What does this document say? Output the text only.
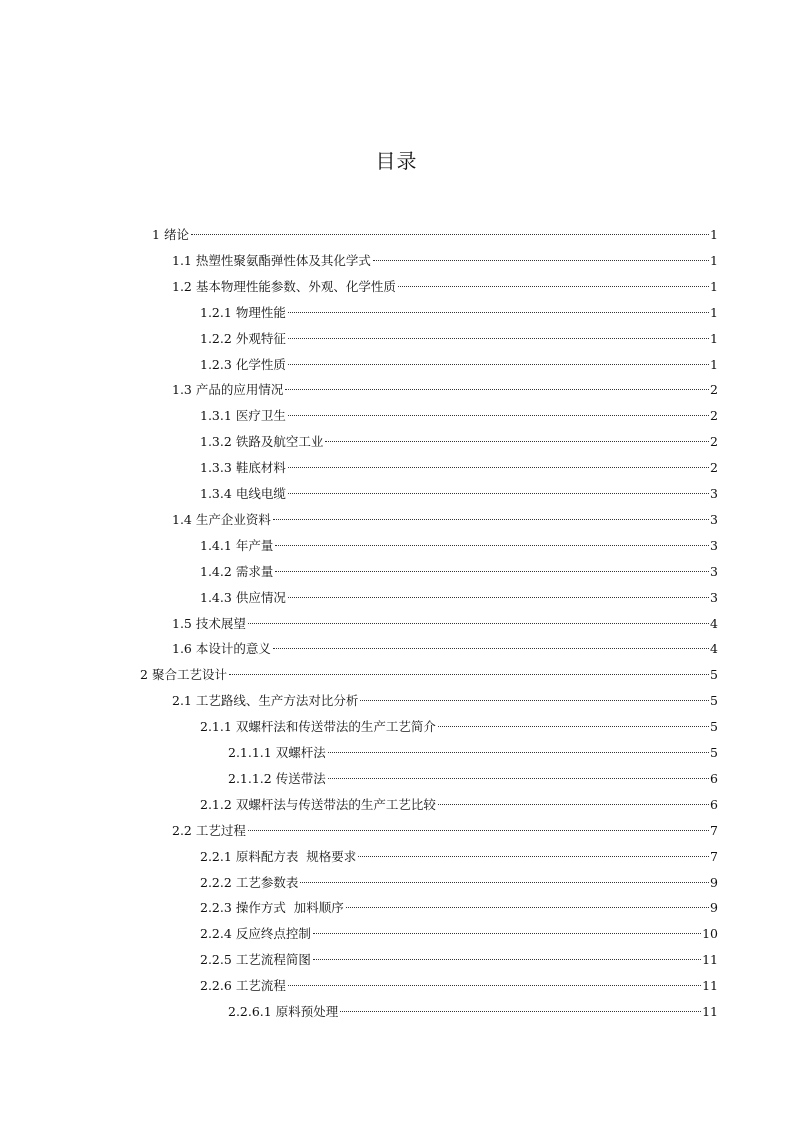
目录
1 绪论	1
1.1 热塑性聚氨酯弹性体及其化学式	1
1.2 基本物理性能参数、外观、化学性质	1
1.2.1 物理性能	1
1.2.2 外观特征	1
1.2.3 化学性质	1
1.3 产品的应用情况	2
1.3.1 医疗卫生	2
1.3.2 铁路及航空工业	2
1.3.3 鞋底材料	2
1.3.4 电线电缆	3
1.4 生产企业资料	3
1.4.1 年产量	3
1.4.2 需求量	3
1.4.3 供应情况	3
1.5 技术展望	4
1.6 本设计的意义	4
2 聚合工艺设计	5
2.1 工艺路线、生产方法对比分析	5
2.1.1 双螺杆法和传送带法的生产工艺简介	5
2.1.1.1 双螺杆法	5
2.1.1.2 传送带法	6
2.1.2 双螺杆法与传送带法的生产工艺比较	6
2.2 工艺过程	7
2.2.1 原料配方表  规格要求	7
2.2.2 工艺参数表	9
2.2.3 操作方式  加料顺序	9
2.2.4 反应终点控制	10
2.2.5 工艺流程简图	11
2.2.6 工艺流程	11
2.2.6.1 原料预处理	11
